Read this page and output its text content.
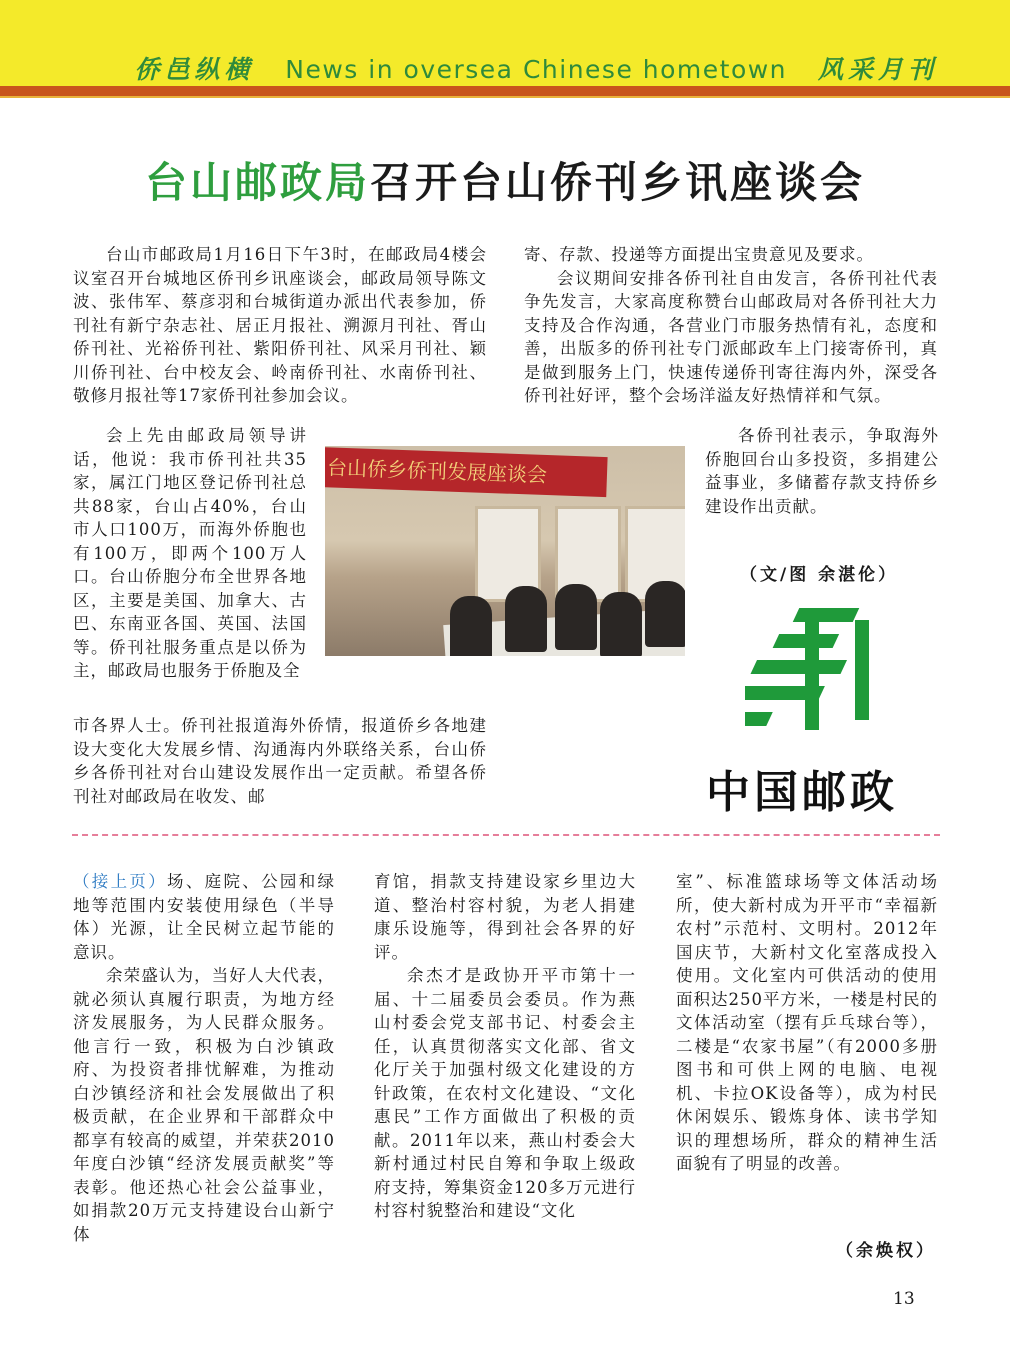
侨邑纵横 News in oversea Chinese hometown 风采月刊
台山邮政局召开台山侨刊乡讯座谈会

台山市邮政局1月16日下午3时，在邮政局4楼会议室召开台城地区侨刊乡讯座谈会，邮政局领导陈文波、张伟军、蔡彦羽和台城街道办派出代表参加，侨刊社有新宁杂志社、居正月报社、溯源月刊社、胥山侨刊社、光裕侨刊社、紫阳侨刊社、风采月刊社、颖川侨刊社、台中校友会、岭南侨刊社、水南侨刊社、敬修月报社等17家侨刊社参加会议。

会上先由邮政局领导讲话，他说：我市侨刊社共35家，属江门地区登记侨刊社总共88家，台山占40%，台山市人口100万，而海外侨胞也有100万，即两个100万人口。台山侨胞分布全世界各地区，主要是美国、加拿大、古巴、东南亚各国、英国、法国等。侨刊社服务重点是以侨为主，邮政局也服务于侨胞及全

台山侨乡侨刊发展座谈会

市各界人士。侨刊社报道海外侨情，报道侨乡各地建设大变化大发展乡情、沟通海内外联络关系，台山侨乡各侨刊社对台山建设发展作出一定贡献。希望各侨刊社对邮政局在收发、邮

寄、存款、投递等方面提出宝贵意见及要求。

会议期间安排各侨刊社自由发言，各侨刊社代表争先发言，大家高度称赞台山邮政局对各侨刊社大力支持及合作沟通，各营业门市服务热情有礼，态度和善，出版多的侨刊社专门派邮政车上门接寄侨刊，真是做到服务上门，快速传递侨刊寄往海内外，深受各侨刊社好评，整个会场洋溢友好热情祥和气氛。

各侨刊社表示，争取海外侨胞回台山多投资，多捐建公益事业，多储蓄存款支持侨乡建设作出贡献。

（文/图 余湛伦）
中国邮政

（接上页）场、庭院、公园和绿地等范围内安装使用绿色（半导体）光源，让全民树立起节能的意识。

余荣盛认为，当好人大代表，就必须认真履行职责，为地方经济发展服务，为人民群众服务。他言行一致，积极为白沙镇政府、为投资者排忧解难，为推动白沙镇经济和社会发展做出了积极贡献，在企业界和干部群众中都享有较高的威望，并荣获2010年度白沙镇“经济发展贡献奖”等表彰。他还热心社会公益事业，如捐款20万元支持建设台山新宁体

育馆，捐款支持建设家乡里边大道、整治村容村貌，为老人捐建康乐设施等，得到社会各界的好评。

余杰才是政协开平市第十一届、十二届委员会委员。作为燕山村委会党支部书记、村委会主任，认真贯彻落实文化部、省文化厅关于加强村级文化建设的方针政策，在农村文化建设、“文化惠民”工作方面做出了积极的贡献。2011年以来，燕山村委会大新村通过村民自筹和争取上级政府支持，筹集资金120多万元进行村容村貌整治和建设“文化

室”、标准篮球场等文体活动场所，使大新村成为开平市“幸福新农村”示范村、文明村。2012年国庆节，大新村文化室落成投入使用。文化室内可供活动的使用面积达250平方米，一楼是村民的文体活动室（摆有乒乓球台等），二楼是“农家书屋”（有2000多册图书和可供上网的电脑、电视机、卡拉OK设备等），成为村民休闲娱乐、锻炼身体、读书学知识的理想场所，群众的精神生活面貌有了明显的改善。

（余焕权）
13
